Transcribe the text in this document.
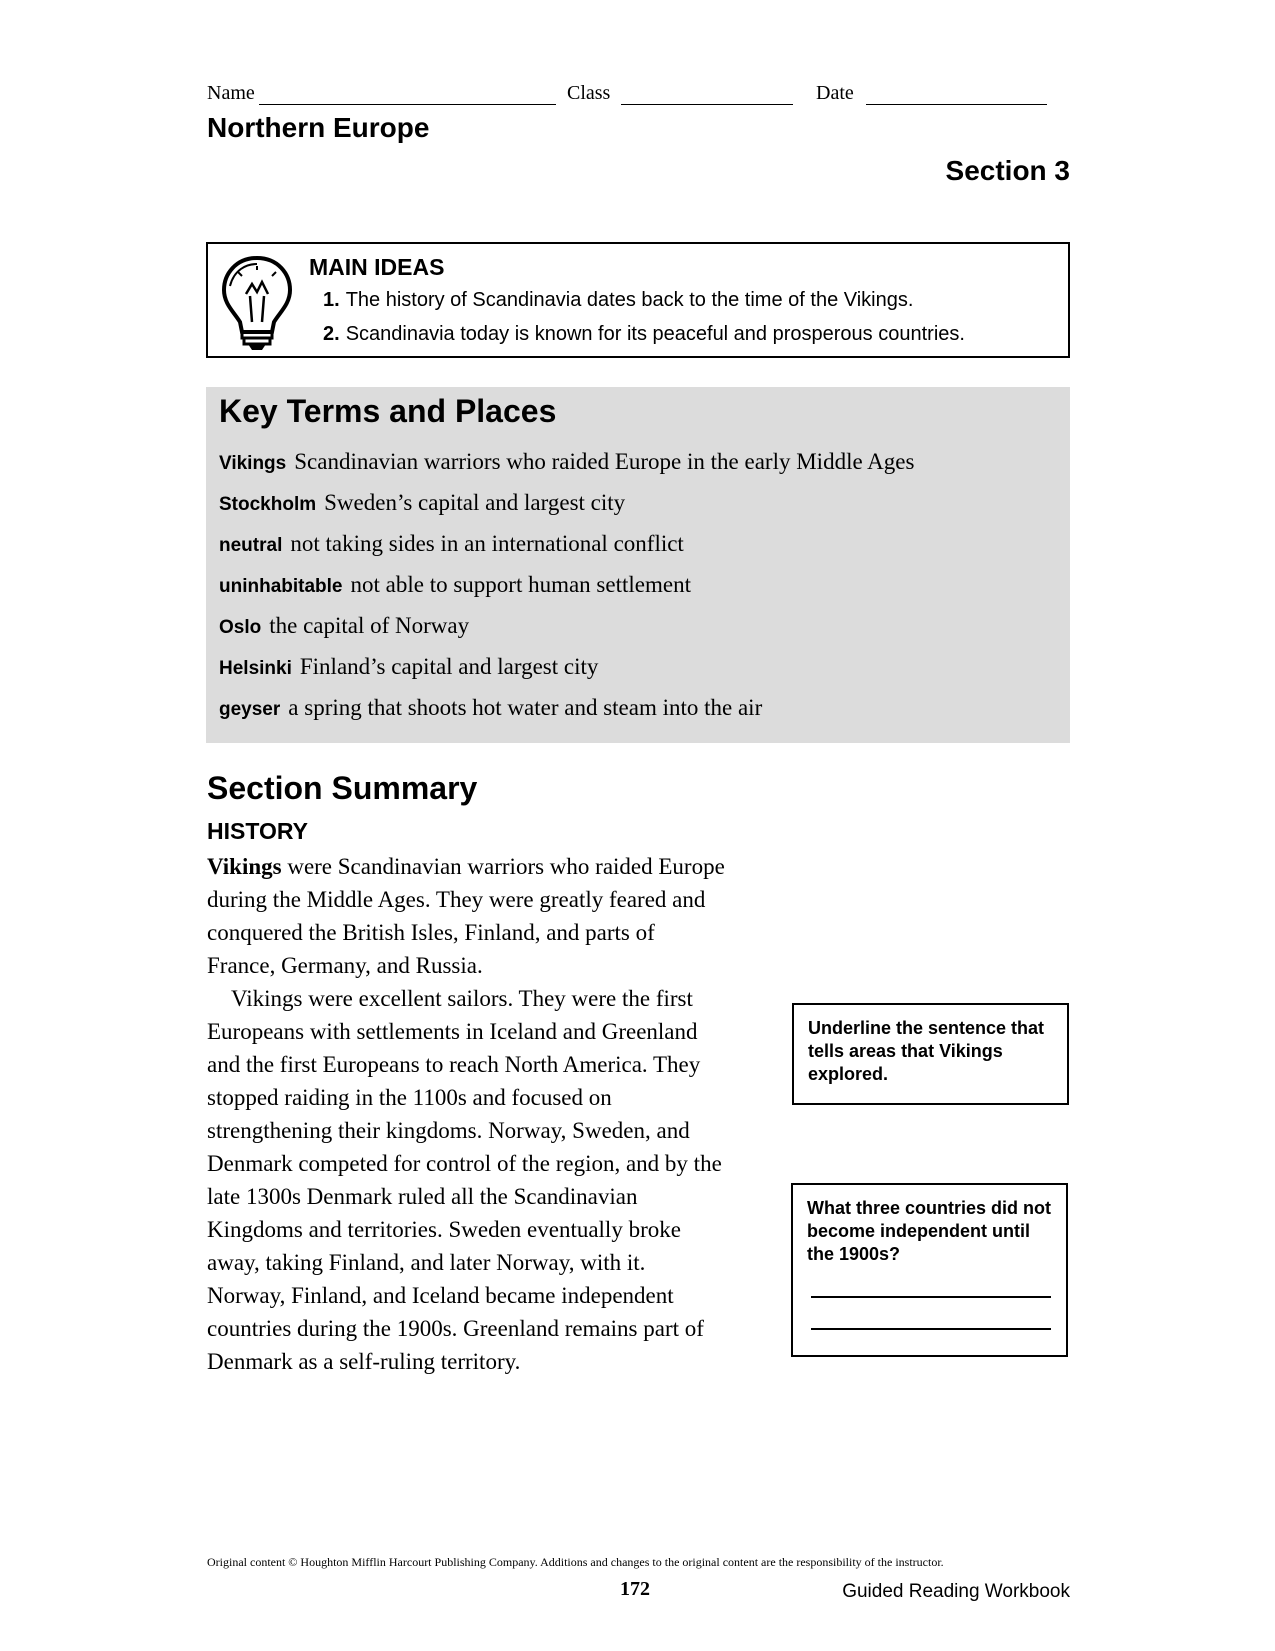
Name	Class	Date
Northern Europe
Section 3
MAIN IDEAS
1. The history of Scandinavia dates back to the time of the Vikings.
2. Scandinavia today is known for its peaceful and prosperous countries.
Key Terms and Places
Vikings Scandinavian warriors who raided Europe in the early Middle Ages
Stockholm Sweden’s capital and largest city
neutral not taking sides in an international conflict
uninhabitable not able to support human settlement
Oslo the capital of Norway
Helsinki Finland’s capital and largest city
geyser a spring that shoots hot water and steam into the air
Section Summary
HISTORY

Vikings were Scandinavian warriors who raided Europe during the Middle Ages. They were greatly feared and conquered the British Isles, Finland, and parts of France, Germany, and Russia.

Vikings were excellent sailors. They were the first Europeans with settlements in Iceland and Greenland and the first Europeans to reach North America. They stopped raiding in the 1100s and focused on strengthening their kingdoms. Norway, Sweden, and Denmark competed for control of the region, and by the late 1300s Denmark ruled all the Scandinavian Kingdoms and territories. Sweden eventually broke away, taking Finland, and later Norway, with it. Norway, Finland, and Iceland became independent countries during the 1900s. Greenland remains part of Denmark as a self-ruling territory.

Underline the sentence that tells areas that Vikings explored.
What three countries did not become independent until the 1900s?
Original content © Houghton Mifflin Harcourt Publishing Company. Additions and changes to the original content are the responsibility of the instructor.
172	Guided Reading Workbook
